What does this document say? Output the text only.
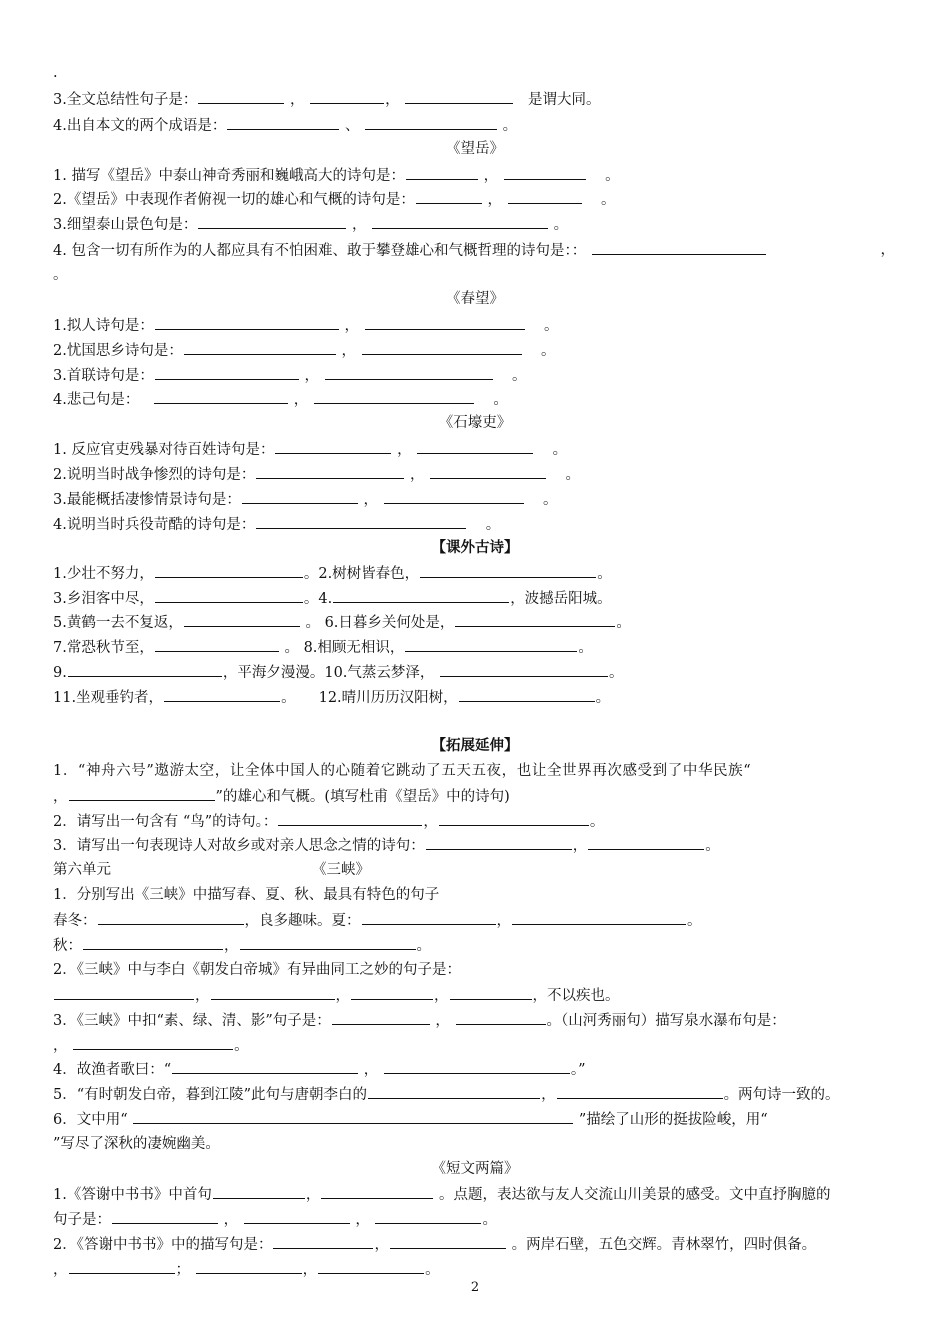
.
3.全文总结性句子是：	，	，	是谓大同。
4.出自本文的两个成语是：	、	。
《望岳》
1. 描写《望岳》中泰山神奇秀丽和巍峨高大的诗句是：	，	。
2.《望岳》中表现作者俯视一切的雄心和气概的诗句是：	，	。
3.细望泰山景色句是：	，	。
4. 包含一切有所作为的人都应具有不怕困难、敢于攀登雄心和气概哲理的诗句是：：	，
。
《春望》
1.拟人诗句是：	，	。
2.忧国思乡诗句是：	，	。
3.首联诗句是：	，	。
4.悲己句是：	，	。
《石壕吏》
1. 反应官吏残暴对待百姓诗句是：	，	。
2.说明当时战争惨烈的诗句是：	，	。
3.最能概括凄惨情景诗句是：	，	。
4.说明当时兵役苛酷的诗句是：	。
【课外古诗】
1.少壮不努力，	。2.树树皆春色，	。
3.乡泪客中尽，	。4.	，波撼岳阳城。
5.黄鹤一去不复返，	。 6.日暮乡关何处是，	。
7.常恐秋节至，	。 8.相顾无相识，	。
9.	，平海夕漫漫。10.气蒸云梦泽，	。
11.坐观垂钓者，	。 12.晴川历历汉阳树，	。
【拓展延伸】
1．“神舟六号”遨游太空，让全体中国人的心随着它跳动了五天五夜，也让全世界再次感受到了中华民族“
，	”的雄心和气概。(填写杜甫《望岳》中的诗句)
2．请写出一句含有 “鸟”的诗句。：	，	。
3．请写出一句表现诗人对故乡或对亲人思念之情的诗句：	，	。
第六单元	《三峡》
1．分别写出《三峡》中描写春、夏、秋、最具有特色的句子
春冬：	，良多趣味。夏：	，	。
秋：	，	。
2．《三峡》中与李白《朝发白帝城》有异曲同工之妙的句子是：
，	，	，	，不以疾也。
3．《三峡》中扣“素、绿、清、影”句子是：	，	。（山河秀丽句）描写泉水瀑布句是：
，	。
4．故渔者歌曰：“	，	。”
5．“有时朝发白帝，暮到江陵”此句与唐朝李白的	，	。两句诗一致的。
6．文中用“	”描绘了山形的挺拔险峻，用“
”写尽了深秋的凄婉幽美。
《短文两篇》
1.《答谢中书书》中首句	，	。点题，表达欲与友人交流山川美景的感受。文中直抒胸臆的
句子是：	，	，	。
2．《答谢中书书》中的描写句是：	，	。两岸石壁，五色交辉。青林翠竹，四时俱备。
，	；	，	。
2
